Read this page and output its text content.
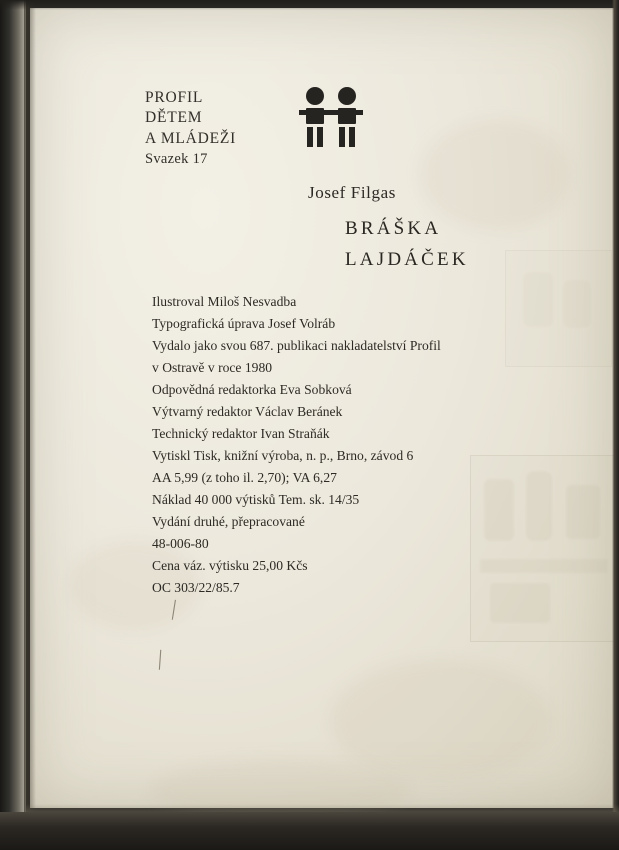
|
|
PROFIL
DĚTEM
A MLÁDEŽI
Svazek 17
Josef Filgas
BRÁŠKA
LAJDÁČEK
Ilustroval Miloš Nesvadba
Typografická úprava Josef Volráb
Vydalo jako svou 687. publikaci nakladatelství Profil
v Ostravě v roce 1980
Odpovědná redaktorka Eva Sobková
Výtvarný redaktor Václav Beránek
Technický redaktor Ivan Straňák
Vytiskl Tisk, knižní výroba, n. p., Brno, závod 6
AA 5,99 (z toho il. 2,70); VA 6,27
Náklad 40 000 výtisků Tem. sk. 14/35
Vydání druhé, přepracované
48-006-80
Cena váz. výtisku 25,00 Kčs
OC 303/22/85.7
